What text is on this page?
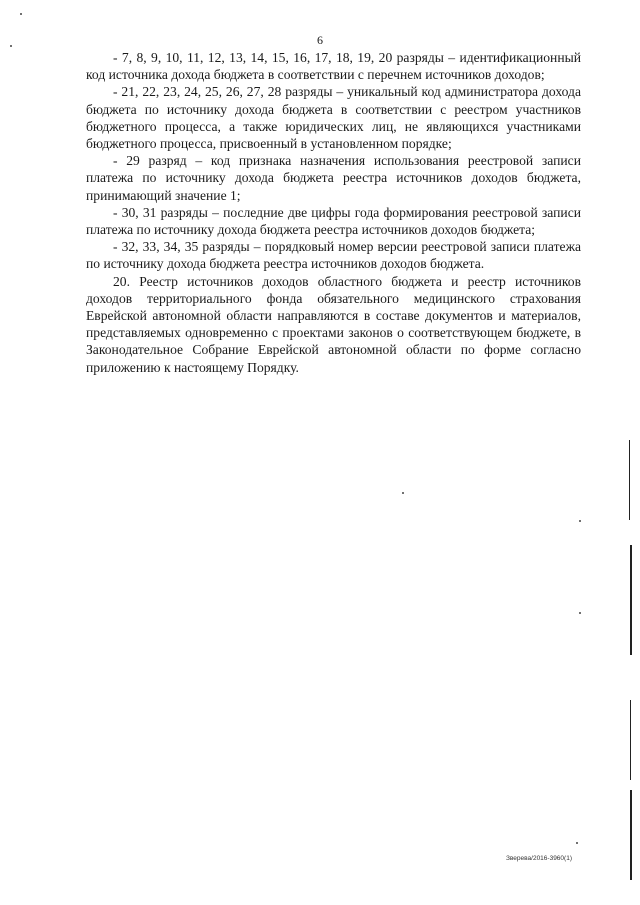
6

- 7, 8, 9, 10, 11, 12, 13, 14, 15, 16, 17, 18, 19, 20 разряды – идентификационный код источника дохода бюджета в соответствии с перечнем источников доходов;

- 21, 22, 23, 24, 25, 26, 27, 28 разряды – уникальный код администратора дохода бюджета по источнику дохода бюджета в соответствии с реестром участников бюджетного процесса, а также юридических лиц, не являющихся участниками бюджетного процесса, присвоенный в установленном порядке;

- 29 разряд – код признака назначения использования реестровой записи платежа по источнику дохода бюджета реестра источников доходов бюджета, принимающий значение 1;

- 30, 31 разряды – последние две цифры года формирования реестровой записи платежа по источнику дохода бюджета реестра источников доходов бюджета;

- 32, 33, 34, 35 разряды – порядковый номер версии реестровой записи платежа по источнику дохода бюджета реестра источников доходов бюджета.

20. Реестр источников доходов областного бюджета и реестр источников доходов территориального фонда обязательного медицинского страхования Еврейской автономной области направляются в составе документов и материалов, представляемых одновременно с проектами законов о соответствующем бюджете, в Законодательное Собрание Еврейской автономной области по форме согласно приложению к настоящему Порядку.

Зверева/2016-3960(1)
